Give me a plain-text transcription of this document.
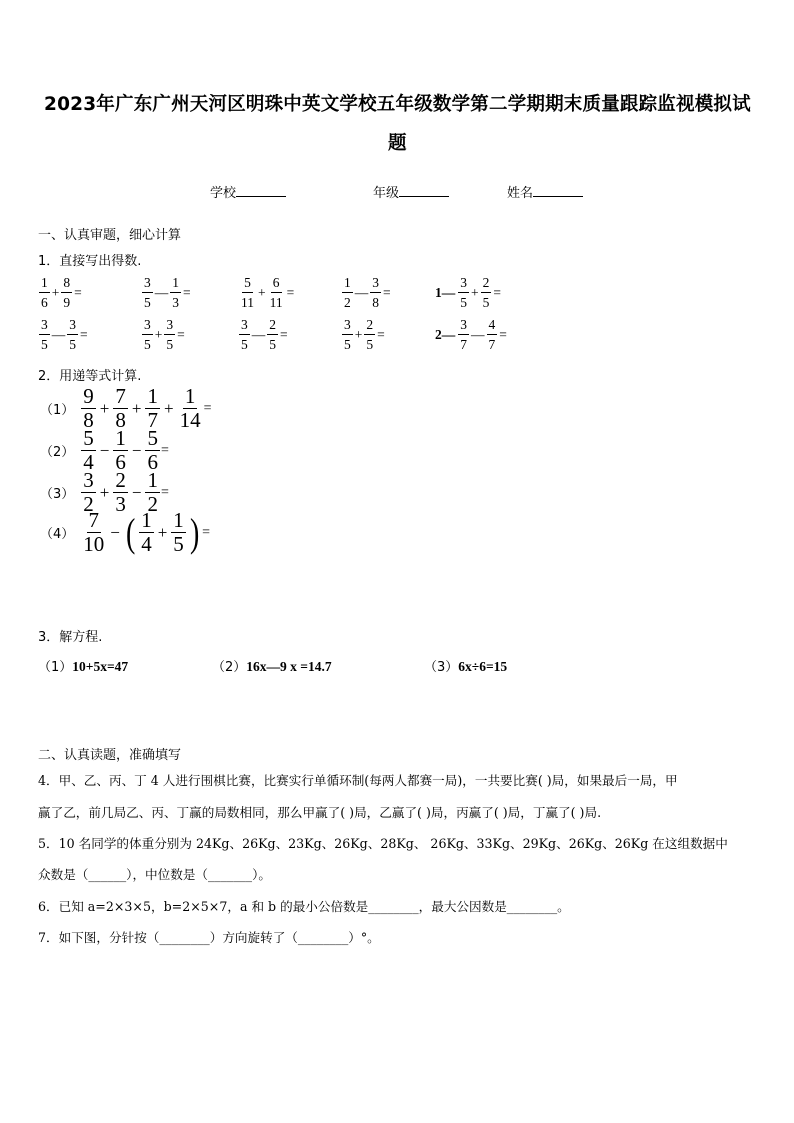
2023年广东广州天河区明珠中英文学校五年级数学第二学期期末质量跟踪监视模拟试
题
学校	年级	姓名
一、认真审题，细心计算
1．直接写出得数.
$\frac{1}{6} + \frac{8}{9}$ =	$\frac{3}{5}$ — $\frac{1}{3}$ =	$\frac{5}{11} + \frac{6}{11}$ =	$\frac{1}{2}$ — $\frac{3}{8}$ =	1— $\frac{3}{5} + \frac{2}{5}$ =
$\frac{3}{5}$ — $\frac{3}{5}$ =	$\frac{3}{5} + \frac{3}{5}$ =	$\frac{3}{5}$ — $\frac{2}{5}$ =	$\frac{3}{5} + \frac{2}{5}$ =	2— $\frac{3}{7}$ — $\frac{4}{7}$ =
2．用递等式计算.
$(1) \frac{9}{8} + \frac{7}{8} + \frac{1}{7} + \frac{1}{14}$ =
$(2) \frac{5}{4} - \frac{1}{6} - \frac{5}{6}$ =
$(3) \frac{3}{2} + \frac{2}{3} - \frac{1}{2}$ =
$(4) \frac{7}{10}$ − ( $\frac{1}{4} + \frac{1}{5}$ ) =
3．解方程.
（1）10+5x=47	（2）16x—9 x =14.7	（3）6x÷6=15
二、认真读题，准确填写
4．甲、乙、丙、丁 4 人进行围棋比赛，比赛实行单循环制(每两人都赛一局)，一共要比赛( )局，如果最后一局，甲
赢了乙，前几局乙、丙、丁赢的局数相同，那么甲赢了( )局，乙赢了( )局，丙赢了( )局，丁赢了( )局.
5．10 名同学的体重分别为 24Kg、26Kg、23Kg、26Kg、28Kg、 26Kg、33Kg、29Kg、26Kg、26Kg 在这组数据中
众数是（______），中位数是（_______）。
6．已知 a=2×3×5，b=2×5×7，a 和 b 的最小公倍数是________，最大公因数是________。
7．如下图，分针按（________）方向旋转了（________）°。
